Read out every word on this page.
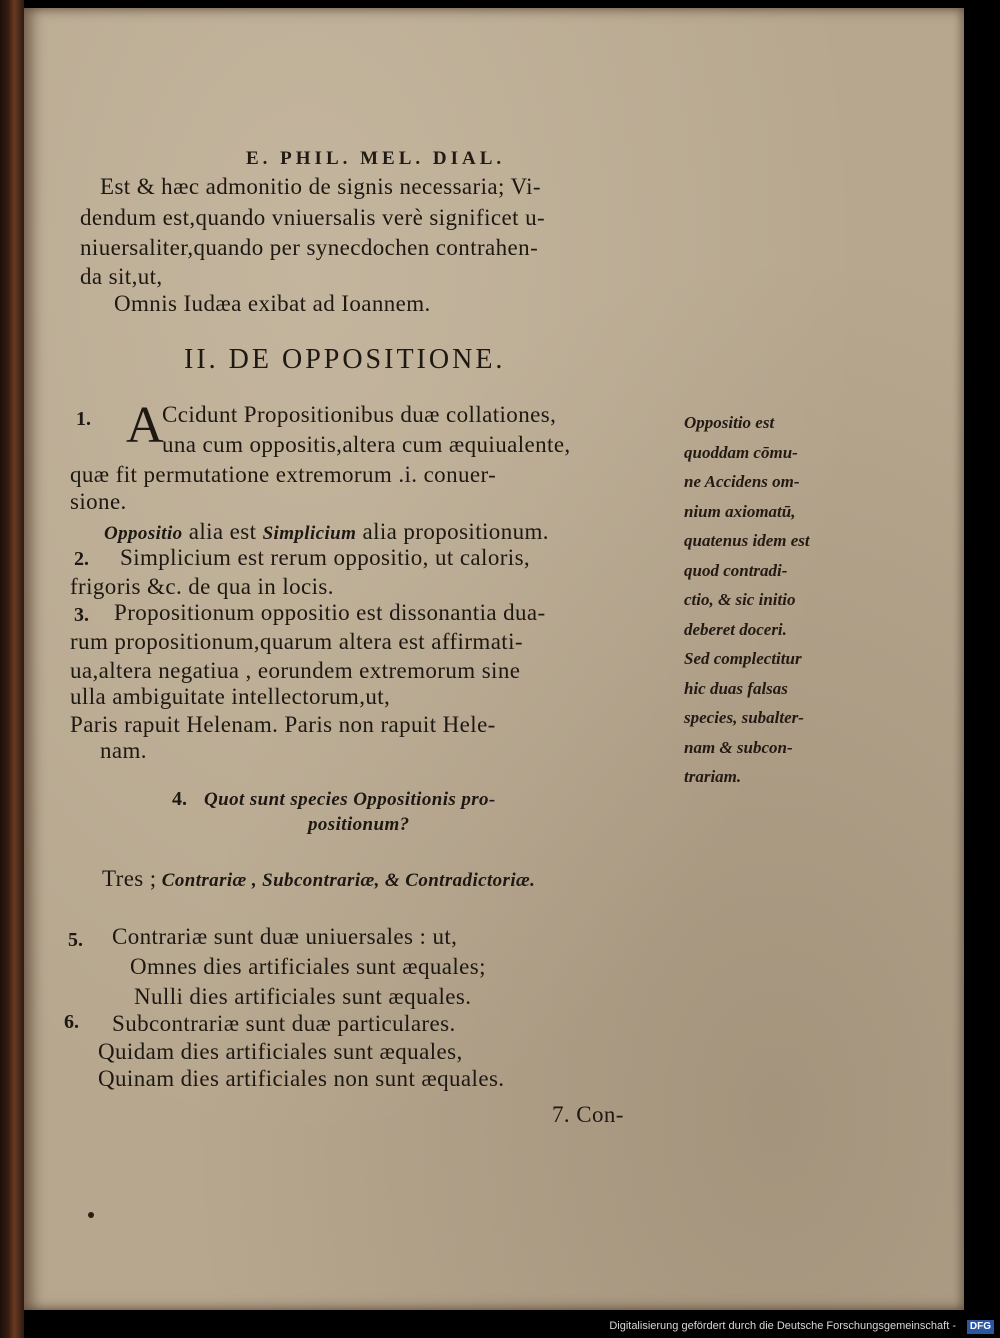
E. PHIL. MEL. DIAL.
Est & hæc admonitio de signis necessaria; Vi-
dendum est,quando vniuersalis verè significet u-
niuersaliter,quando per synecdochen contrahen-
da sit,ut,
Omnis Iudæa exibat ad Ioannem.
II. DE OPPOSITIONE.
1. A
Ccidunt Propositionibus duæ collationes,
una cum oppositis,altera cum æquiualente,
quæ fit permutatione extremorum .i. conuer-
sione.
Oppositio alia est Simplicium alia propositionum.
2. Simplicium est rerum oppositio, ut caloris,
frigoris &c. de qua in locis.
3. Propositionum oppositio est dissonantia dua-
rum propositionum,quarum altera est affirmati-
ua,altera negatiua , eorundem extremorum sine
ulla ambiguitate intellectorum,ut,
Paris rapuit Helenam. Paris non rapuit Hele-
nam.
4. Quot sunt species Oppositionis pro-
positionum?
Tres ; Contrariæ , Subcontrariæ, & Contradictoriæ.
5. Contrariæ sunt duæ uniuersales : ut,
Omnes dies artificiales sunt æquales;
Nulli dies artificiales sunt æquales.
6. Subcontrariæ sunt duæ particulares.
Quidam dies artificiales sunt æquales,
Quinam dies artificiales non sunt æquales.
7. Con-
Oppositio est
quoddam cōmu-
ne Accidens om-
nium axiomatū,
quatenus idem est
quod contradi-
ctio, & sic initio
deberet doceri.
Sed complectitur
hic duas falsas
species, subalter-
nam & subcon-
trariam.
Digitalisierung gefördert durch die Deutsche Forschungsgemeinschaft -	DFG
